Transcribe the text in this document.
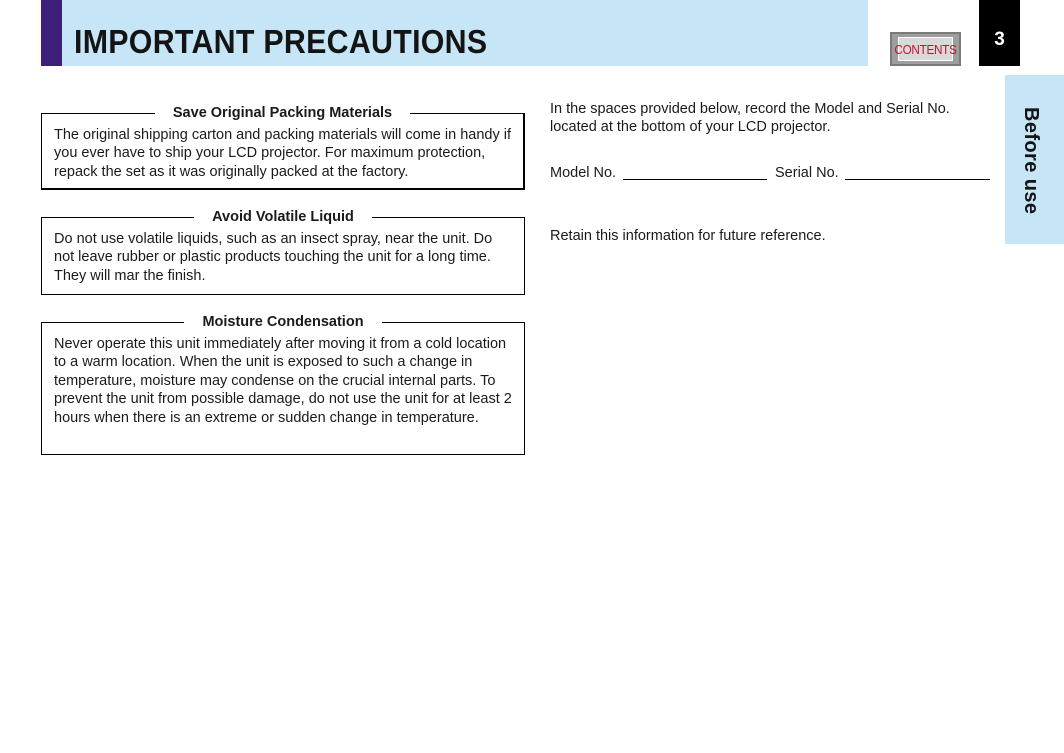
IMPORTANT PRECAUTIONS	CONTENTS	3
Before use
Save Original Packing Materials

The original shipping carton and packing materials will come in handy if you ever have to ship your LCD projector. For maximum protection, repack the set as it was originally packed at the factory.

Avoid Volatile Liquid

Do not use volatile liquids, such as an insect spray, near the unit. Do not leave rubber or plastic products touching the unit for a long time. They will mar the finish.

Moisture Condensation

Never operate this unit immediately after moving it from a cold location to a warm location. When the unit is exposed to such a change in temperature, moisture may condense on the crucial internal parts. To prevent the unit from possible damage, do not use the unit for at least 2 hours when there is an extreme or sudden change in temperature.

In the spaces provided below, record the Model and Serial No. located at the bottom of your LCD projector.

Model No.	Serial No.

Retain this information for future reference.
